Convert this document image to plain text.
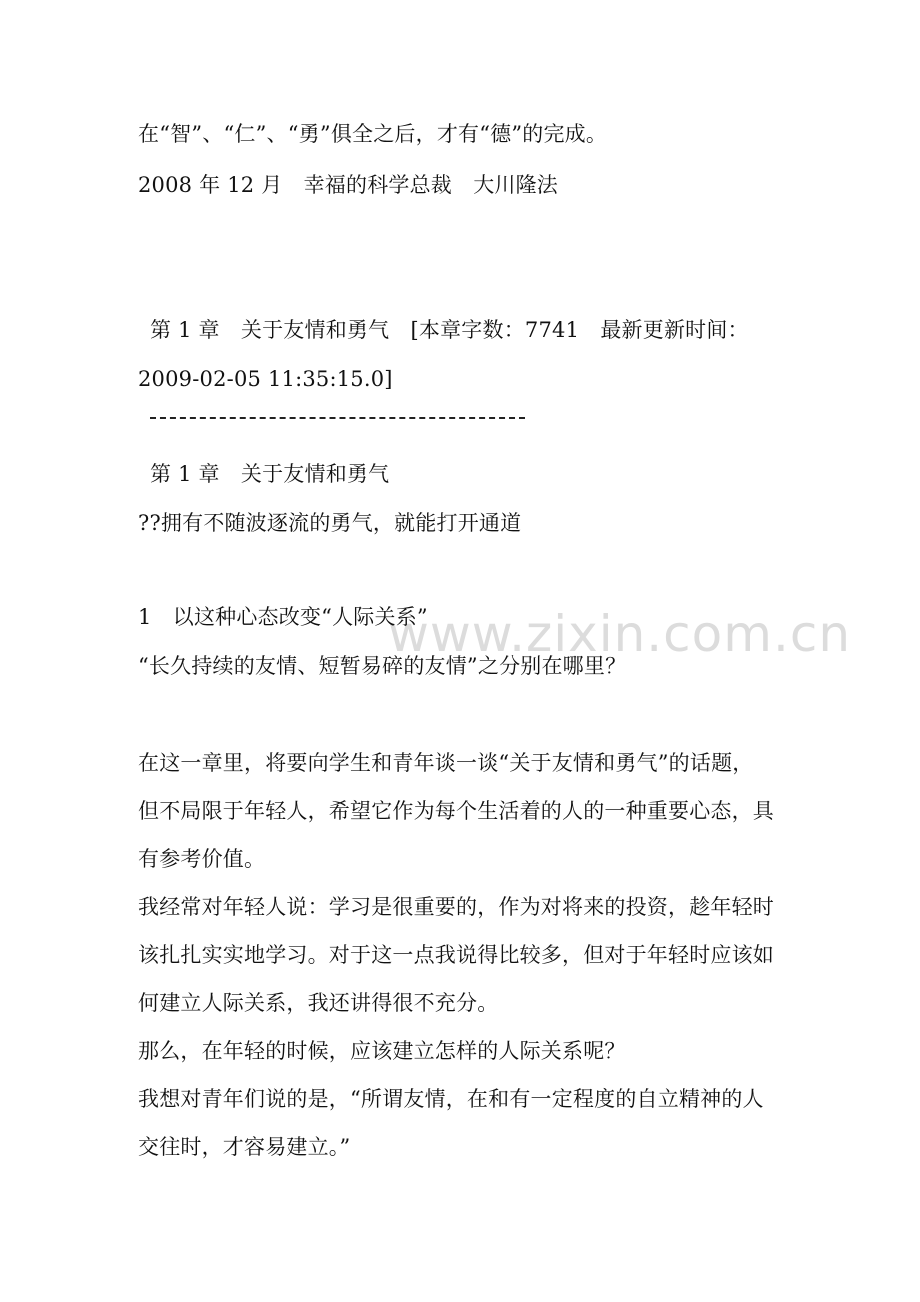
www.zixin.com.cn
在“智”、“仁”、“勇”俱全之后，才有“德”的完成。
2008 年 12 月　幸福的科学总裁　大川隆法
第 1 章　关于友情和勇气　[本章字数：7741　最新更新时间：
2009-02-05 11:35:15.0]
第 1 章　关于友情和勇气
??拥有不随波逐流的勇气，就能打开通道
1　以这种心态改变“人际关系”
“长久持续的友情、短暂易碎的友情”之分别在哪里？
在这一章里，将要向学生和青年谈一谈“关于友情和勇气”的话题，
但不局限于年轻人，希望它作为每个生活着的人的一种重要心态，具
有参考价值。
我经常对年轻人说：学习是很重要的，作为对将来的投资，趁年轻时
该扎扎实实地学习。对于这一点我说得比较多，但对于年轻时应该如
何建立人际关系，我还讲得很不充分。
那么，在年轻的时候，应该建立怎样的人际关系呢？
我想对青年们说的是，“所谓友情，在和有一定程度的自立精神的人
交往时，才容易建立。”
